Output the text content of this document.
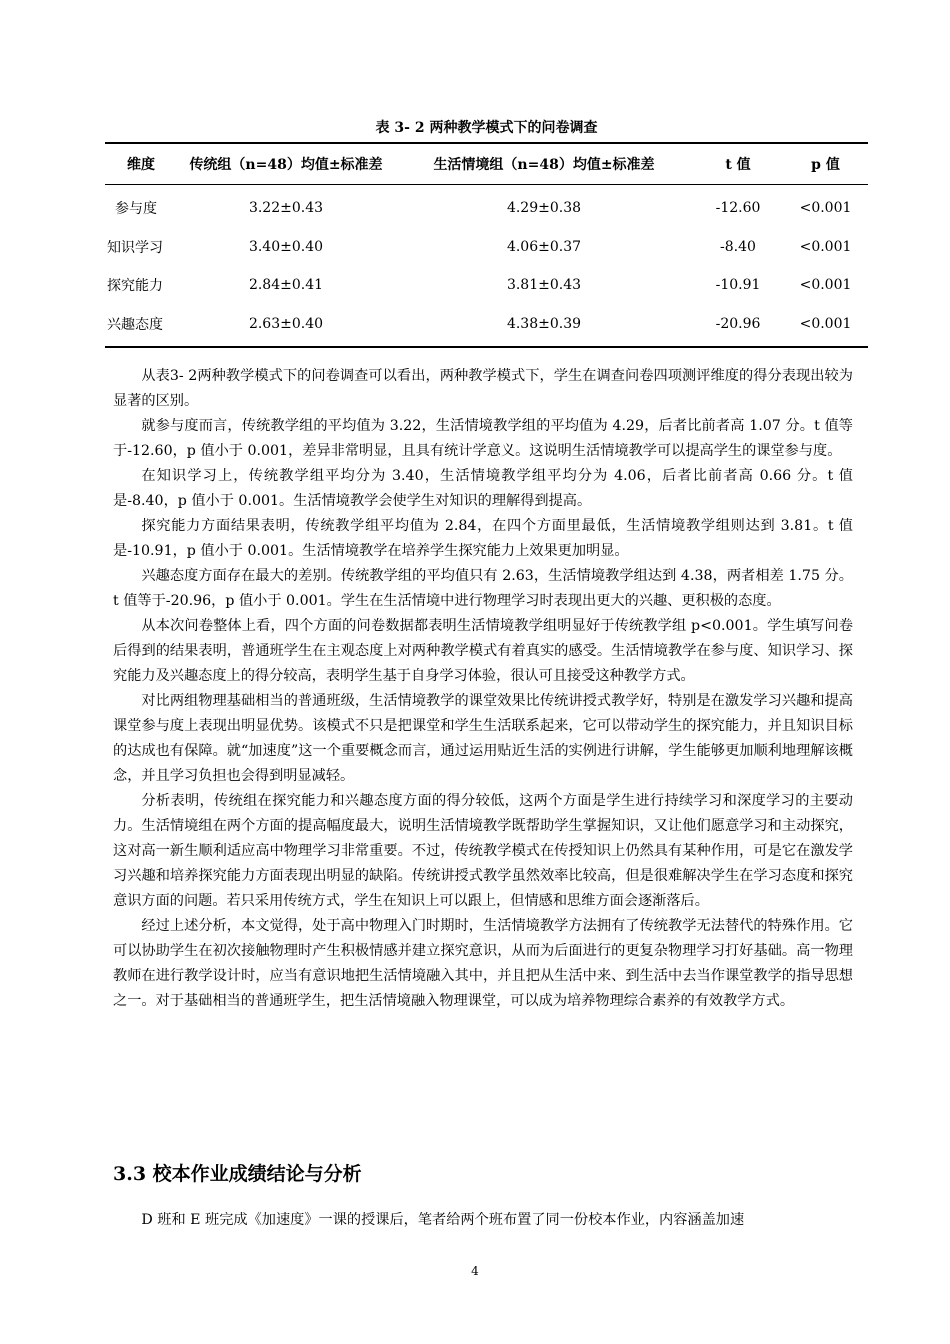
表 3- 2 两种教学模式下的问卷调查
维度	传统组（n=48）均值±标准差	生活情境组（n=48）均值±标准差	t 值	p 值
参与度	3.22±0.43	4.29±0.38	-12.60	<0.001
知识学习	3.40±0.40	4.06±0.37	-8.40	<0.001
探究能力	2.84±0.41	3.81±0.43	-10.91	<0.001
兴趣态度	2.63±0.40	4.38±0.39	-20.96	<0.001

从表3- 2两种教学模式下的问卷调查可以看出，两种教学模式下，学生在调查问卷四项测评维度的得分表现出较为显著的区别。

就参与度而言，传统教学组的平均值为 3.22，生活情境教学组的平均值为 4.29，后者比前者高 1.07 分。t 值等于-12.60，p 值小于 0.001，差异非常明显，且具有统计学意义。这说明生活情境教学可以提高学生的课堂参与度。

在知识学习上，传统教学组平均分为 3.40，生活情境教学组平均分为 4.06，后者比前者高 0.66 分。t 值是-8.40，p 值小于 0.001。生活情境教学会使学生对知识的理解得到提高。

探究能力方面结果表明，传统教学组平均值为 2.84，在四个方面里最低，生活情境教学组则达到 3.81。t 值是-10.91，p 值小于 0.001。生活情境教学在培养学生探究能力上效果更加明显。

兴趣态度方面存在最大的差别。传统教学组的平均值只有 2.63，生活情境教学组达到 4.38，两者相差 1.75 分。t 值等于-20.96，p 值小于 0.001。学生在生活情境中进行物理学习时表现出更大的兴趣、更积极的态度。

从本次问卷整体上看，四个方面的问卷数据都表明生活情境教学组明显好于传统教学组 p<0.001。学生填写问卷后得到的结果表明，普通班学生在主观态度上对两种教学模式有着真实的感受。生活情境教学在参与度、知识学习、探究能力及兴趣态度上的得分较高，表明学生基于自身学习体验，很认可且接受这种教学方式。

对比两组物理基础相当的普通班级，生活情境教学的课堂效果比传统讲授式教学好，特别是在激发学习兴趣和提高课堂参与度上表现出明显优势。该模式不只是把课堂和学生生活联系起来，它可以带动学生的探究能力，并且知识目标的达成也有保障。就“加速度”这一个重要概念而言，通过运用贴近生活的实例进行讲解，学生能够更加顺利地理解该概念，并且学习负担也会得到明显减轻。

分析表明，传统组在探究能力和兴趣态度方面的得分较低，这两个方面是学生进行持续学习和深度学习的主要动力。生活情境组在两个方面的提高幅度最大，说明生活情境教学既帮助学生掌握知识，又让他们愿意学习和主动探究，这对高一新生顺利适应高中物理学习非常重要。不过，传统教学模式在传授知识上仍然具有某种作用，可是它在激发学习兴趣和培养探究能力方面表现出明显的缺陷。传统讲授式教学虽然效率比较高，但是很难解决学生在学习态度和探究意识方面的问题。若只采用传统方式，学生在知识上可以跟上，但情感和思维方面会逐渐落后。

经过上述分析，本文觉得，处于高中物理入门时期时，生活情境教学方法拥有了传统教学无法替代的特殊作用。它可以协助学生在初次接触物理时产生积极情感并建立探究意识，从而为后面进行的更复杂物理学习打好基础。高一物理教师在进行教学设计时，应当有意识地把生活情境融入其中，并且把从生活中来、到生活中去当作课堂教学的指导思想之一。对于基础相当的普通班学生，把生活情境融入物理课堂，可以成为培养物理综合素养的有效教学方式。

3.3 校本作业成绩结论与分析

D 班和 E 班完成《加速度》一课的授课后，笔者给两个班布置了同一份校本作业，内容涵盖加速

4
